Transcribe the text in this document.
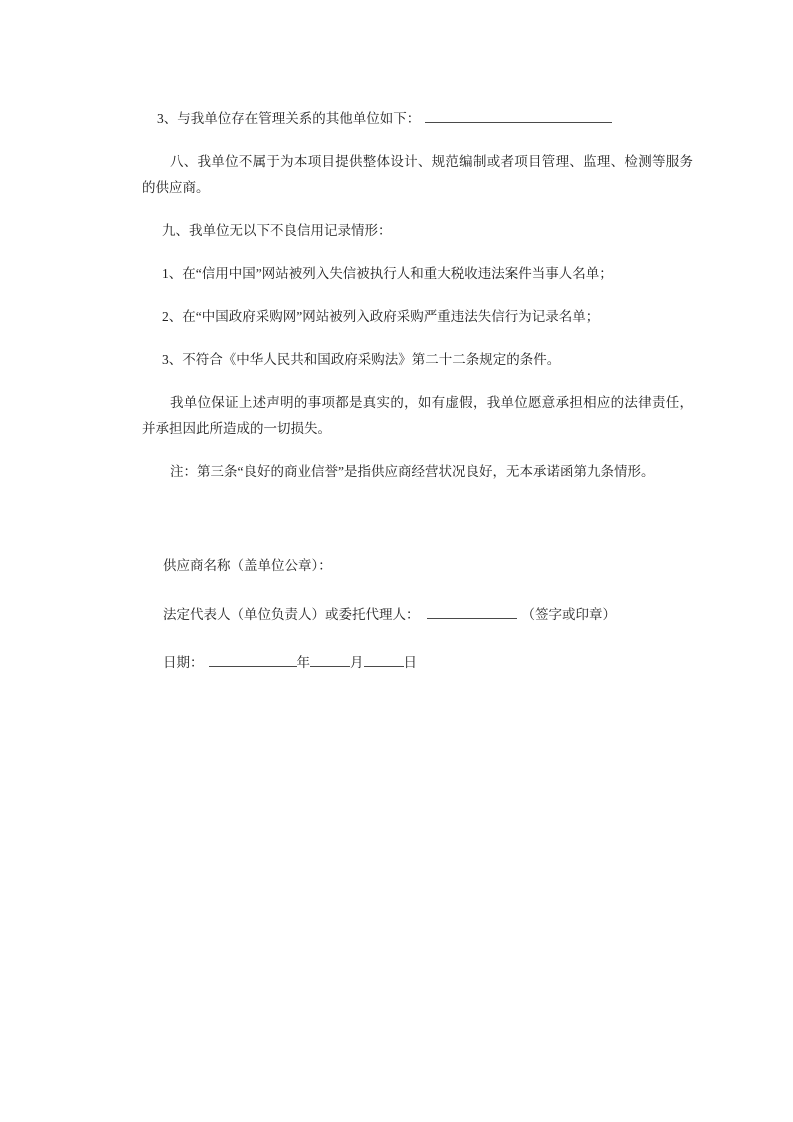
3、与我单位存在管理关系的其他单位如下：

八、我单位不属于为本项目提供整体设计、规范编制或者项目管理、监理、检测等服务的供应商。

九、我单位无以下不良信用记录情形：

1、在“信用中国”网站被列入失信被执行人和重大税收违法案件当事人名单；

2、在“中国政府采购网”网站被列入政府采购严重违法失信行为记录名单；

3、不符合《中华人民共和国政府采购法》第二十二条规定的条件。

我单位保证上述声明的事项都是真实的，如有虚假，我单位愿意承担相应的法律责任，并承担因此所造成的一切损失。

注：第三条“良好的商业信誉”是指供应商经营状况良好，无本承诺函第九条情形。

供应商名称（盖单位公章）：

法定代表人（单位负责人）或委托代理人：	（签字或印章）

日期：	年	月	日
